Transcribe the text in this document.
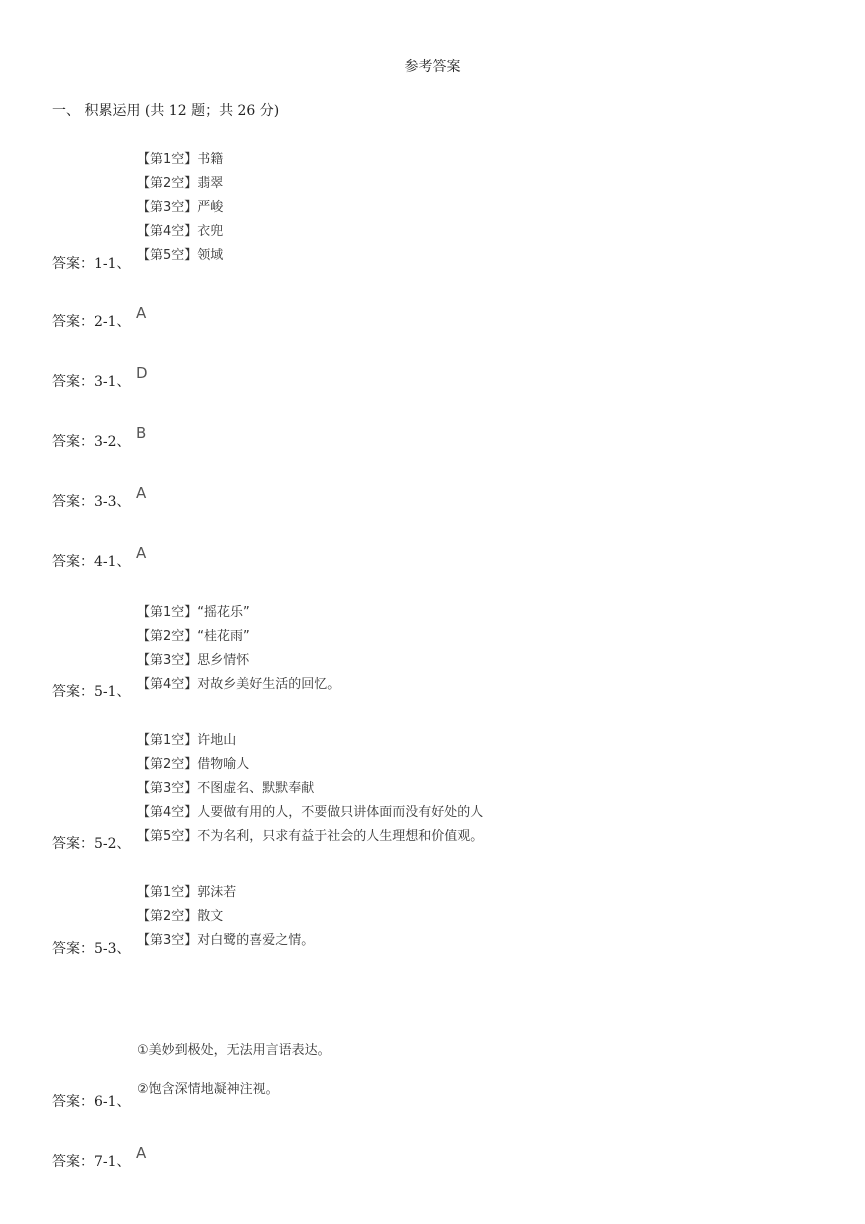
参考答案
一、 积累运用 (共 12 题；共 26 分)
【第1空】书籍
【第2空】翡翠
【第3空】严峻
【第4空】衣兜
【第5空】领域
答案：1-1、
答案：2-1、 A
答案：3-1、 D
答案：3-2、 B
答案：3-3、 A
答案：4-1、 A
【第1空】“摇花乐”
【第2空】“桂花雨”
【第3空】思乡情怀
【第4空】对故乡美好生活的回忆。
答案：5-1、
【第1空】许地山
【第2空】借物喻人
【第3空】不图虚名、默默奉献
【第4空】人要做有用的人，不要做只讲体面而没有好处的人
【第5空】不为名利，只求有益于社会的人生理想和价值观。
答案：5-2、
【第1空】郭沫若
【第2空】散文
【第3空】对白鹭的喜爱之情。
答案：5-3、
①美妙到极处，无法用言语表达。
②饱含深情地凝神注视。
答案：6-1、
答案：7-1、 A
